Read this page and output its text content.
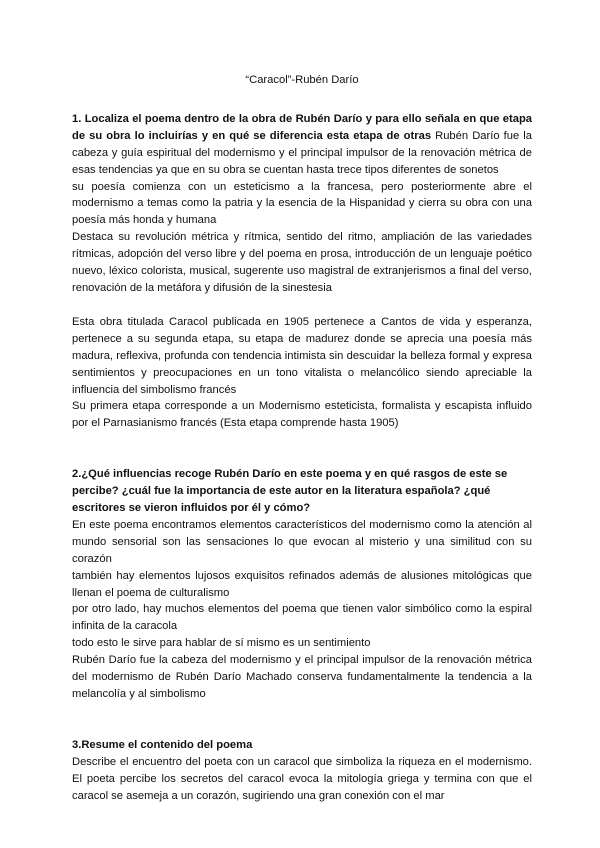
“Caracol”-Rubén Darío

1. Localiza el poema dentro de la obra de Rubén Darío y para ello señala en que etapa de su obra lo incluirías y en qué se diferencia esta etapa de otras Rubén Darío fue la cabeza y guía espiritual del modernismo y el principal impulsor de la renovación métrica de esas tendencias ya que en su obra se cuentan hasta trece tipos diferentes de sonetos

su poesía comienza con un esteticismo a la francesa, pero posteriormente abre el modernismo a temas como la patria y la esencia de la Hispanidad y cierra su obra con una poesía más honda y humana

Destaca su revolución métrica y rítmica, sentido del ritmo, ampliación de las variedades rítmicas, adopción del verso libre y del poema en prosa, introducción de un lenguaje poético nuevo, léxico colorista, musical, sugerente uso magistral de extranjerismos a final del verso, renovación de la metáfora y difusión de la sinestesia

Esta obra titulada Caracol publicada en 1905 pertenece a Cantos de vida y esperanza, pertenece a su segunda etapa, su etapa de madurez donde se aprecia una poesía más madura, reflexiva, profunda con tendencia intimista sin descuidar la belleza formal y expresa sentimientos y preocupaciones en un tono vitalista o melancólico siendo apreciable la influencia del simbolismo francés

Su primera etapa corresponde a un Modernismo esteticista, formalista y escapista influido por el Parnasianismo francés (Esta etapa comprende hasta 1905)

2.¿Qué influencias recoge Rubén Darío en este poema y en qué rasgos de este se percibe? ¿cuál fue la importancia de este autor en la literatura española? ¿qué escritores se vieron influidos por él y cómo?

En este poema encontramos elementos característicos del modernismo como la atención al mundo sensorial son las sensaciones lo que evocan al misterio y una similitud con su corazón

también hay elementos lujosos exquisitos refinados además de alusiones mitológicas que llenan el poema de culturalismo

por otro lado, hay muchos elementos del poema que tienen valor simbólico como la espiral infinita de la caracola

todo esto le sirve para hablar de sí mismo es un sentimiento

Rubén Darío fue la cabeza del modernismo y el principal impulsor de la renovación métrica del modernismo de Rubén Darío Machado conserva fundamentalmente la tendencia a la melancolía y al simbolismo

3.Resume el contenido del poema

Describe el encuentro del poeta con un caracol que simboliza la riqueza en el modernismo. El poeta percibe los secretos del caracol evoca la mitología griega y termina con que el caracol se asemeja a un corazón, sugiriendo una gran conexión con el mar
